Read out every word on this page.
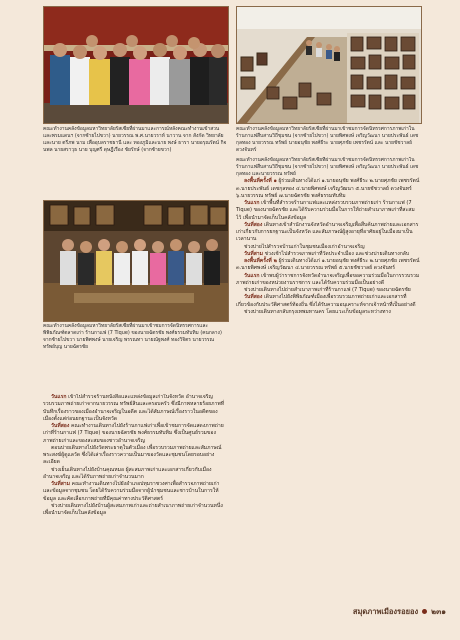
คณะทำงานคลังข้อมูลมหาวิทยาลัยรัสเซียที่ผ่านมาและการณ์หลังคณะทำงานเข้าสวนและพรมแดนฯ (จากซ้ายไปขวา) นายวรรณ พ.ศ.นายวราห์ นาวาน จาก สังกัด วิทยาลัย และนาย ตรีภพ นาม เพื่ออุบลราชธานี และ ทองภูมิและนาย พงษ์ ธารา นายอรุณรัตน์ กิจนพล นายสราวุธ นาย บุญศรี ดุษฎีเรือง ชัยรักษ์ (จากซ้ายขวา)
คณะทำงานคลังข้อมูลมหาวิทยาลัยรัสเซียที่ผ่านมาเข้าชมการจัดนิทรรศการภาพเก่าในร้านกาแฟสืบสานวิถีชุมชน (จากซ้ายไปขวา) นายพิศพงษ์ เจริญวัฒนา นายประพันธ์ เดชกุลทอง นายวรรณ ทรัพย์ นายอนุชัย พงศ์ธีระ นายศุภชัย เพชรรัตน์ และ นายชัชวาลย์ ดวงจันทร์
คณะทำงานคลังข้อมูลมหาวิทยาลัยรัสเซียที่ผ่านมาเข้าชมการจัดนิทรรศการและพิพิธภัณฑ์ตลาดเก่า ร้านกาแฟ (7 Tique) ของนายฉัตรชัย พงศ์ธรรมทับทิม (คนกลาง) จากซ้ายไปขวา นายพิศพงษ์ นายเจริญ พรรณทา นายณัฐพงศ์ ทองวิจิตร นายวรรณ ทรัพย์บุญ นายฉัตรชัย

วันแรก เข้าไปสำรวจร้านหนังสือและแหล่งข้อมูลเก่าในจังหวัด อำนาจเจริญ รวบรวมภาพถ่ายเก่าจากนายวรรณ ทรัพย์สินและครอบครัว ซึ่งมีภาพหลายร้อยภาพที่บันทึกเรื่องราวของเมืองอำนาจเจริญในอดีต และได้สัมภาษณ์เรื่องราวในอดีตของเมืองตั้งแต่ก่อนยกฐานะเป็นจังหวัด

วันที่สอง คณะทำงานเดินทางไปยังร้านกาแฟเก่าเพื่อเข้าชมการจัดแสดงภาพถ่ายเก่าที่ร้านกาแฟ (7 Tique) ของนายฉัตรชัย พงศ์ธรรมทับทิม ซึ่งเป็นศูนย์รวมของภาพถ่ายเก่าและของสะสมของชาวอำนาจเจริญ

ตอนบ่ายเดินทางไปยังวัดพระธาตุในตัวเมือง เพื่อรวบรวมภาพถ่ายและสัมภาษณ์พระสงฆ์ผู้ดูแลวัด ซึ่งได้เล่าเรื่องราวความเป็นมาของวัดและชุมชนโดยรอบอย่างละเอียด

ช่วงเย็นเดินทางไปยังบ้านคุณหมอ ผู้สะสมภาพเก่าและเอกสารเกี่ยวกับเมืองอำนาจเจริญ และได้รับภาพถ่ายเก่าจำนวนมาก

วันที่สาม คณะทำงานเดินทางไปยังอำเภอปทุมราชวงศาเพื่อสำรวจภาพถ่ายเก่าและข้อมูลจากชุมชน โดยได้รับความร่วมมือจากผู้นำชุมชนและชาวบ้านในการให้ข้อมูล และคัดเลือกภาพถ่ายที่มีคุณค่าทางประวัติศาสตร์

ช่วงบ่ายเดินทางไปยังบ้านผู้สะสมภาพเก่าและถ่ายสำเนาภาพถ่ายเก่าจำนวนหนึ่งเพื่อนำมาจัดเก็บในคลังข้อมูล

คณะทำงานคลังข้อมูลมหาวิทยาลัยรัสเซียที่ผ่านมาเข้าชมการจัดนิทรรศการภาพเก่าในร้านกาแฟสืบสานวิถีชุมชน (จากซ้ายไปขวา) นายพิศพงษ์ เจริญวัฒนา นายประพันธ์ เดชกุลทอง และนายวรรณ ทรัพย์

ลงพื้นที่ครั้งที่ ๑ ผู้ร่วมเดินทางได้แก่ ๑.นายอนุชัย พงศ์ธีระ ๒.นายศุภชัย เพชรรัตน์ ๓.นายประพันธ์ เดชกุลทอง ๔.นายพิศพงษ์ เจริญวัฒนา ๕.นายชัชวาลย์ ดวงจันทร์ ๖.นายวรรณ ทรัพย์ ๗.นายฉัตรชัย พงศ์ธรรมทับทิม

วันแรก เข้าพื้นที่สำรวจร้านกาแฟและแหล่งรวบรวมภาพถ่ายเก่า ร้านกาแฟ (7 Tique) ของนายฉัตรชัย และได้รับความร่วมมือในการให้ถ่ายสำเนาภาพเก่าที่สะสมไว้ เพื่อนำมาจัดเก็บในคลังข้อมูล

วันที่สอง เดินทางเข้าสำนักงานจังหวัดอำนาจเจริญเพื่อสืบค้นภาพถ่ายและเอกสารเก่าเกี่ยวกับการยกฐานะเป็นจังหวัด และสัมภาษณ์ผู้สูงอายุที่อาศัยอยู่ในเมืองมาเป็นเวลานาน

ช่วงบ่ายไปสำรวจบ้านเก่าในชุมชนเมืองเก่าอำนาจเจริญ

วันที่สาม ช่วงเช้าไปสำรวจภาพเก่าที่วัดประจำเมือง และช่วงบ่ายเดินทางกลับ

ลงพื้นที่ครั้งที่ ๒ ผู้ร่วมเดินทางได้แก่ ๑.นายอนุชัย พงศ์ธีระ ๒.นายศุภชัย เพชรรัตน์ ๓.นายพิศพงษ์ เจริญวัฒนา ๔.นายวรรณ ทรัพย์ ๕.นายชัชวาลย์ ดวงจันทร์

วันแรก เข้าพบผู้ว่าราชการจังหวัดอำนาจเจริญเพื่อขอความร่วมมือในการรวบรวมภาพถ่ายเก่าของหน่วยงานราชการ และได้รับความร่วมมือเป็นอย่างดี

ช่วงบ่ายเดินทางไปถ่ายสำเนาภาพเก่าที่ร้านกาแฟ (7 Tique) ของนายฉัตรชัย

วันที่สอง เดินทางไปยังพิพิธภัณฑ์เมืองเพื่อรวบรวมภาพถ่ายเก่าและเอกสารที่เกี่ยวข้องกับประวัติศาสตร์ท้องถิ่น ซึ่งได้รับความอนุเคราะห์จากเจ้าหน้าที่เป็นอย่างดี

ช่วงบ่ายเดินทางกลับกรุงเทพมหานคร โดยแวะเก็บข้อมูลระหว่างทาง

สมุดภาพเมืองรอยอง ๒๓๑
